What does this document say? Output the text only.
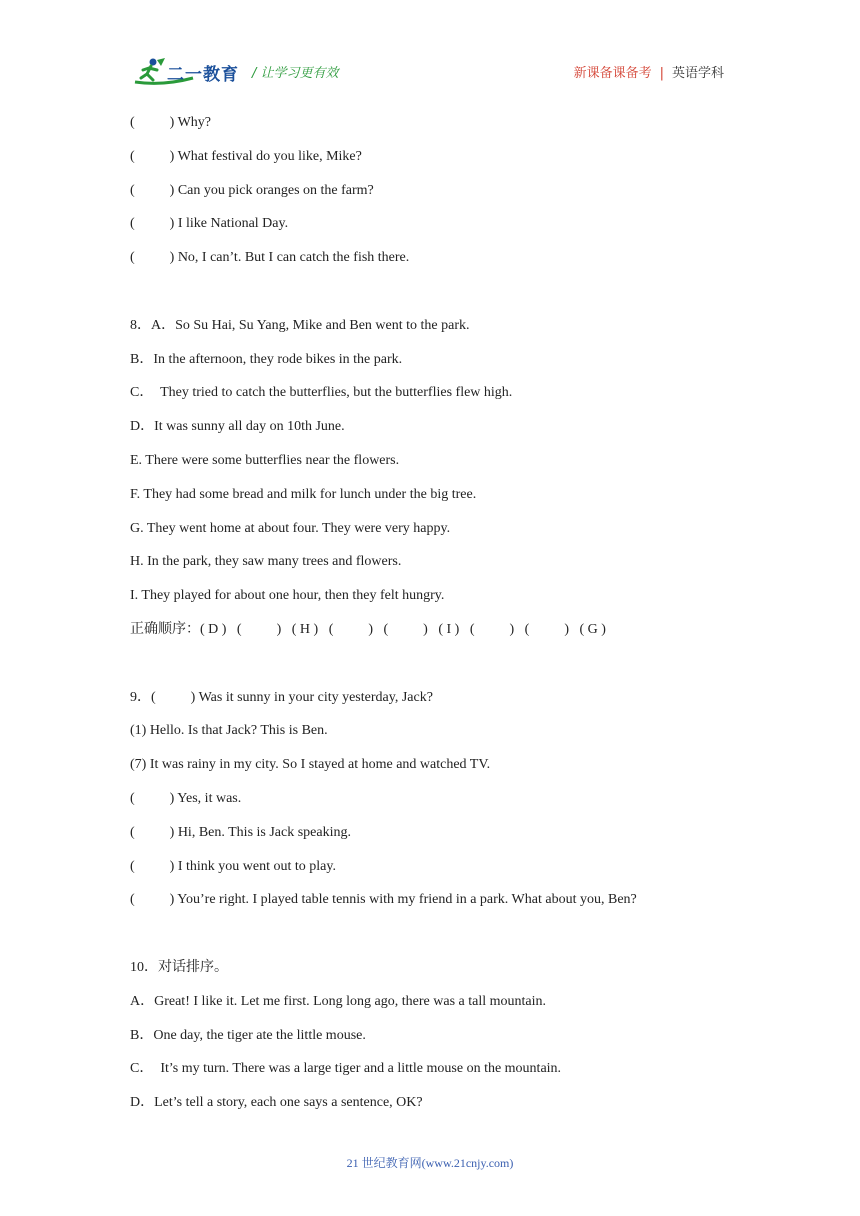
二一教育 / 让学习更有效	新课备课备考 | 英语学科
(          ) Why?
(          ) What festival do you like, Mike?
(          ) Can you pick oranges on the farm?
(          ) I like National Day.
(          ) No, I can’t. But I can catch the fish there.
8．A．So Su Hai, Su Yang, Mike and Ben went to the park.
B．In the afternoon, they rode bikes in the park.
C．  They tried to catch the butterflies, but the butterflies flew high.
D．It was sunny all day on 10th June.
E. There were some butterflies near the flowers.
F. They had some bread and milk for lunch under the big tree.
G. They went home at about four. They were very happy.
H. In the park, they saw many trees and flowers.
I. They played for about one hour, then they felt hungry.
正确顺序：( D )   (          )   ( H )   (          )   (          )   ( I )   (          )   (          )   ( G )
9．(          ) Was it sunny in your city yesterday, Jack?
(1) Hello. Is that Jack? This is Ben.
(7) It was rainy in my city. So I stayed at home and watched TV.
(          ) Yes, it was.
(          ) Hi, Ben. This is Jack speaking.
(          ) I think you went out to play.
(          ) You’re right. I played table tennis with my friend in a park. What about you, Ben?
10．对话排序。
A．Great! I like it. Let me first. Long long ago, there was a tall mountain.
B．One day, the tiger ate the little mouse.
C．  It’s my turn. There was a large tiger and a little mouse on the mountain.
D．Let’s tell a story, each one says a sentence, OK?
21 世纪教育网(www.21cnjy.com)
